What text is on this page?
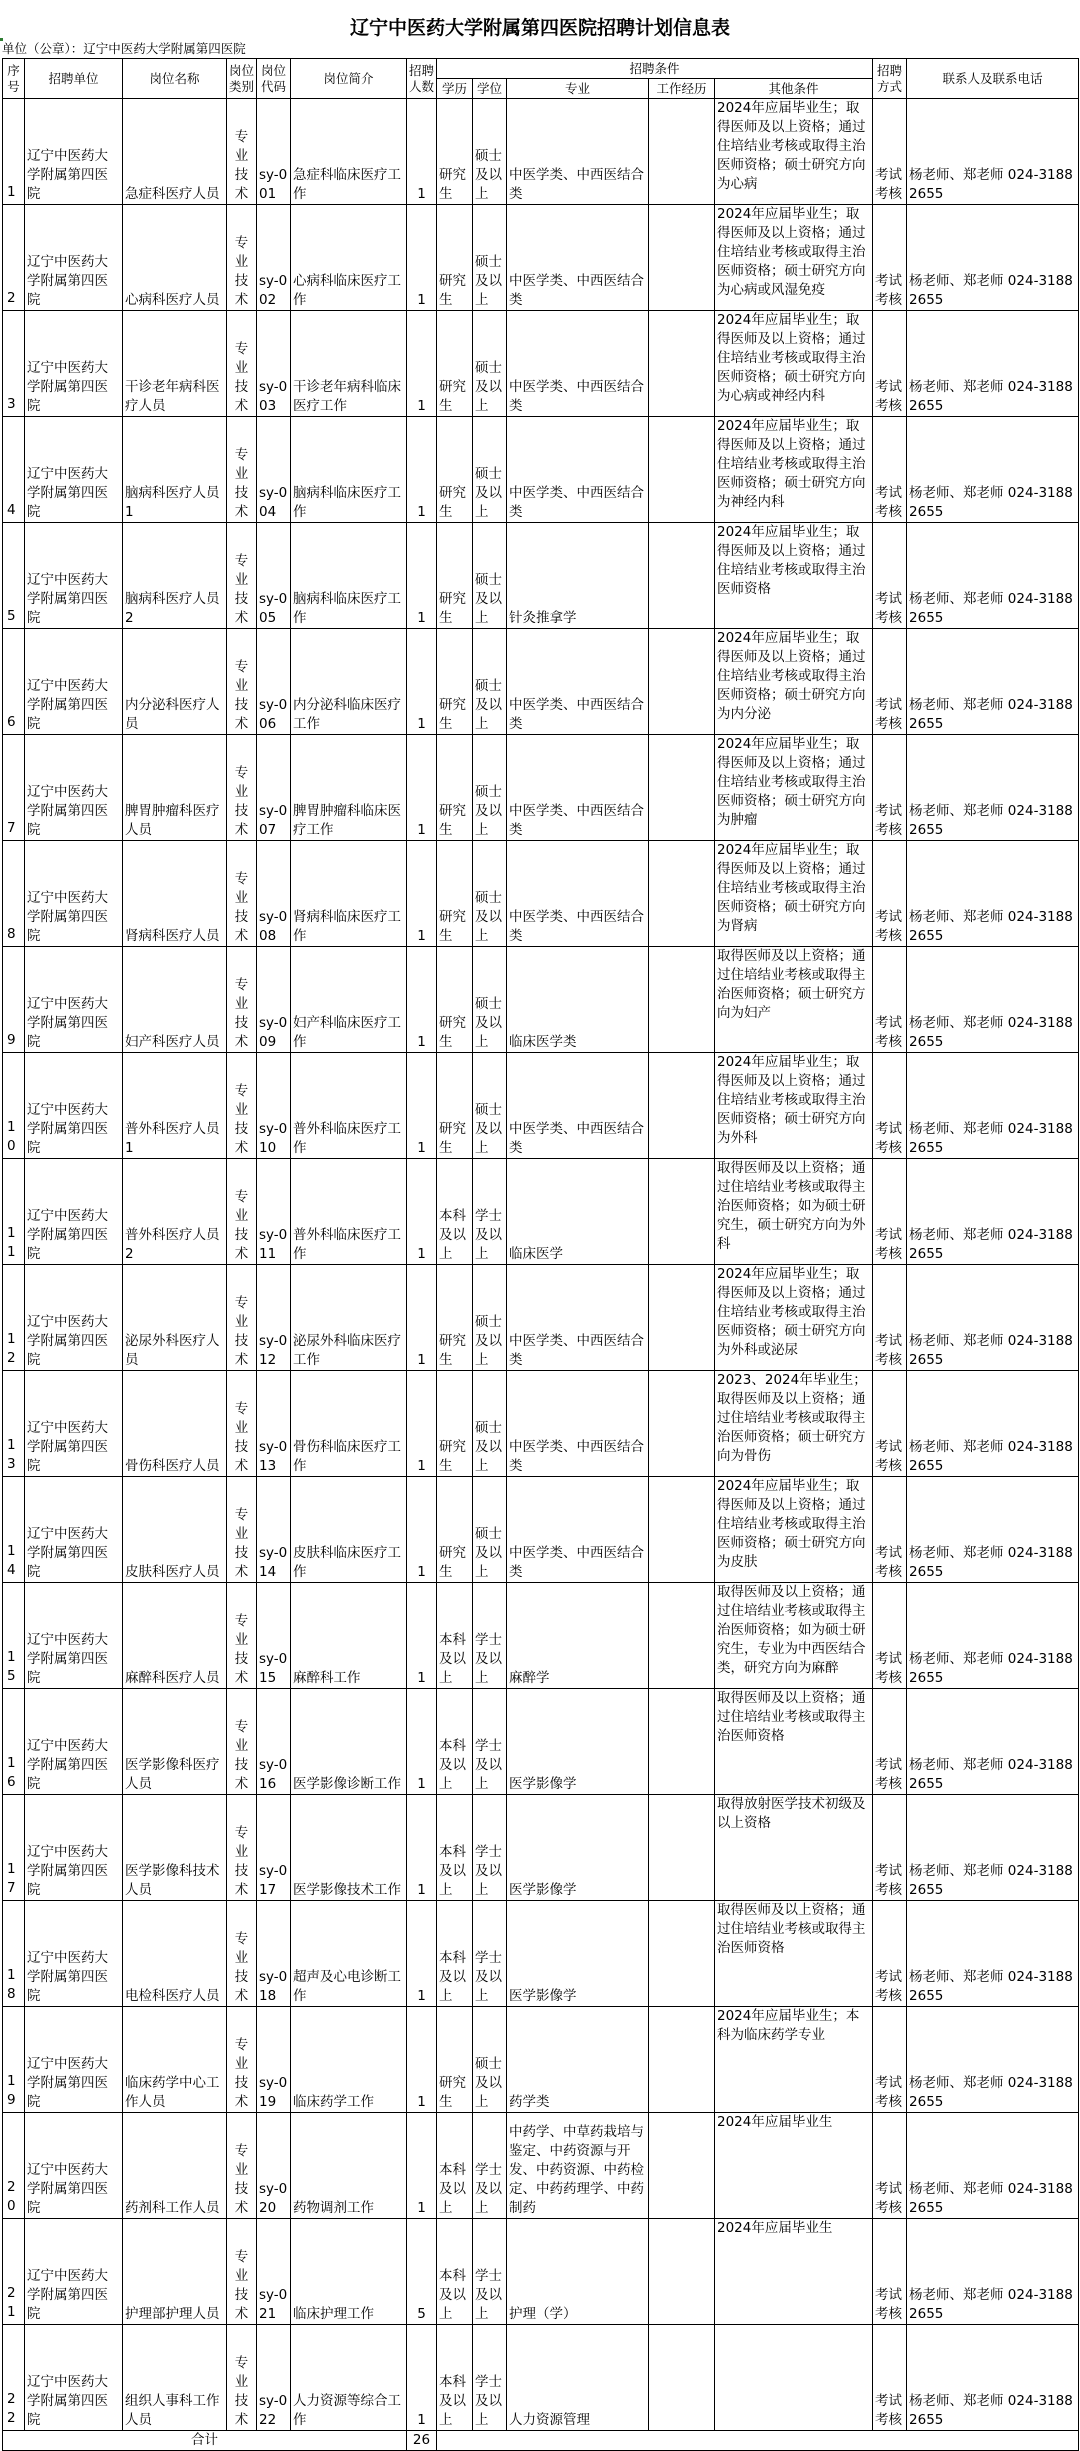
辽宁中医药大学附属第四医院招聘计划信息表
单位（公章）：辽宁中医药大学附属第四医院
序号	招聘单位	岗位名称	岗位类别	岗位代码	岗位简介	招聘人数	招聘条件					招聘方式	联系人及联系电话
							学历	学位	专业	工作经历	其他条件		
1	辽宁中医药大学附属第四医院	急症科医疗人员	专业技术	sy-001	急症科临床医疗工作	1	研究生	硕士及以上	中医学类、中西医结合类		2024年应届毕业生；取得医师及以上资格；通过住培结业考核或取得主治医师资格；硕士研究方向为心病	考试考核	杨老师、郑老师 024-31882655
2	辽宁中医药大学附属第四医院	心病科医疗人员	专业技术	sy-002	心病科临床医疗工作	1	研究生	硕士及以上	中医学类、中西医结合类		2024年应届毕业生；取得医师及以上资格；通过住培结业考核或取得主治医师资格；硕士研究方向为心病或风湿免疫	考试考核	杨老师、郑老师 024-31882655
3	辽宁中医药大学附属第四医院	干诊老年病科医疗人员	专业技术	sy-003	干诊老年病科临床医疗工作	1	研究生	硕士及以上	中医学类、中西医结合类		2024年应届毕业生；取得医师及以上资格；通过住培结业考核或取得主治医师资格；硕士研究方向为心病或神经内科	考试考核	杨老师、郑老师 024-31882655
4	辽宁中医药大学附属第四医院	脑病科医疗人员1	专业技术	sy-004	脑病科临床医疗工作	1	研究生	硕士及以上	中医学类、中西医结合类		2024年应届毕业生；取得医师及以上资格；通过住培结业考核或取得主治医师资格；硕士研究方向为神经内科	考试考核	杨老师、郑老师 024-31882655
5	辽宁中医药大学附属第四医院	脑病科医疗人员2	专业技术	sy-005	脑病科临床医疗工作	1	研究生	硕士及以上	针灸推拿学		2024年应届毕业生；取得医师及以上资格；通过住培结业考核或取得主治医师资格	考试考核	杨老师、郑老师 024-31882655
6	辽宁中医药大学附属第四医院	内分泌科医疗人员	专业技术	sy-006	内分泌科临床医疗工作	1	研究生	硕士及以上	中医学类、中西医结合类		2024年应届毕业生；取得医师及以上资格；通过住培结业考核或取得主治医师资格；硕士研究方向为内分泌	考试考核	杨老师、郑老师 024-31882655
7	辽宁中医药大学附属第四医院	脾胃肿瘤科医疗人员	专业技术	sy-007	脾胃肿瘤科临床医疗工作	1	研究生	硕士及以上	中医学类、中西医结合类		2024年应届毕业生；取得医师及以上资格；通过住培结业考核或取得主治医师资格；硕士研究方向为肿瘤	考试考核	杨老师、郑老师 024-31882655
8	辽宁中医药大学附属第四医院	肾病科医疗人员	专业技术	sy-008	肾病科临床医疗工作	1	研究生	硕士及以上	中医学类、中西医结合类		2024年应届毕业生；取得医师及以上资格；通过住培结业考核或取得主治医师资格；硕士研究方向为肾病	考试考核	杨老师、郑老师 024-31882655
9	辽宁中医药大学附属第四医院	妇产科医疗人员	专业技术	sy-009	妇产科临床医疗工作	1	研究生	硕士及以上	临床医学类		取得医师及以上资格；通过住培结业考核或取得主治医师资格；硕士研究方向为妇产	考试考核	杨老师、郑老师 024-31882655
10	辽宁中医药大学附属第四医院	普外科医疗人员1	专业技术	sy-010	普外科临床医疗工作	1	研究生	硕士及以上	中医学类、中西医结合类		2024年应届毕业生；取得医师及以上资格；通过住培结业考核或取得主治医师资格；硕士研究方向为外科	考试考核	杨老师、郑老师 024-31882655
11	辽宁中医药大学附属第四医院	普外科医疗人员2	专业技术	sy-011	普外科临床医疗工作	1	本科及以上	学士及以上	临床医学		取得医师及以上资格；通过住培结业考核或取得主治医师资格；如为硕士研究生，硕士研究方向为外科	考试考核	杨老师、郑老师 024-31882655
12	辽宁中医药大学附属第四医院	泌尿外科医疗人员	专业技术	sy-012	泌尿外科临床医疗工作	1	研究生	硕士及以上	中医学类、中西医结合类		2024年应届毕业生；取得医师及以上资格；通过住培结业考核或取得主治医师资格；硕士研究方向为外科或泌尿	考试考核	杨老师、郑老师 024-31882655
13	辽宁中医药大学附属第四医院	骨伤科医疗人员	专业技术	sy-013	骨伤科临床医疗工作	1	研究生	硕士及以上	中医学类、中西医结合类		2023、2024年毕业生；取得医师及以上资格；通过住培结业考核或取得主治医师资格；硕士研究方向为骨伤	考试考核	杨老师、郑老师 024-31882655
14	辽宁中医药大学附属第四医院	皮肤科医疗人员	专业技术	sy-014	皮肤科临床医疗工作	1	研究生	硕士及以上	中医学类、中西医结合类		2024年应届毕业生；取得医师及以上资格；通过住培结业考核或取得主治医师资格；硕士研究方向为皮肤	考试考核	杨老师、郑老师 024-31882655
15	辽宁中医药大学附属第四医院	麻醉科医疗人员	专业技术	sy-015	麻醉科工作	1	本科及以上	学士及以上	麻醉学		取得医师及以上资格；通过住培结业考核或取得主治医师资格；如为硕士研究生，专业为中西医结合类，研究方向为麻醉	考试考核	杨老师、郑老师 024-31882655
16	辽宁中医药大学附属第四医院	医学影像科医疗人员	专业技术	sy-016	医学影像诊断工作	1	本科及以上	学士及以上	医学影像学		取得医师及以上资格；通过住培结业考核或取得主治医师资格	考试考核	杨老师、郑老师 024-31882655
17	辽宁中医药大学附属第四医院	医学影像科技术人员	专业技术	sy-017	医学影像技术工作	1	本科及以上	学士及以上	医学影像学		取得放射医学技术初级及以上资格	考试考核	杨老师、郑老师 024-31882655
18	辽宁中医药大学附属第四医院	电检科医疗人员	专业技术	sy-018	超声及心电诊断工作	1	本科及以上	学士及以上	医学影像学		取得医师及以上资格；通过住培结业考核或取得主治医师资格	考试考核	杨老师、郑老师 024-31882655
19	辽宁中医药大学附属第四医院	临床药学中心工作人员	专业技术	sy-019	临床药学工作	1	研究生	硕士及以上	药学类		2024年应届毕业生；本科为临床药学专业	考试考核	杨老师、郑老师 024-31882655
20	辽宁中医药大学附属第四医院	药剂科工作人员	专业技术	sy-020	药物调剂工作	1	本科及以上	学士及以上	中药学、中草药栽培与鉴定、中药资源与开发、中药资源、中药检定、中药药理学、中药制药		2024年应届毕业生	考试考核	杨老师、郑老师 024-31882655
21	辽宁中医药大学附属第四医院	护理部护理人员	专业技术	sy-021	临床护理工作	5	本科及以上	学士及以上	护理（学）		2024年应届毕业生	考试考核	杨老师、郑老师 024-31882655
22	辽宁中医药大学附属第四医院	组织人事科工作人员	专业技术	sy-022	人力资源等综合工作	1	本科及以上	学士及以上	人力资源管理			考试考核	杨老师、郑老师 024-31882655
合计						26							
